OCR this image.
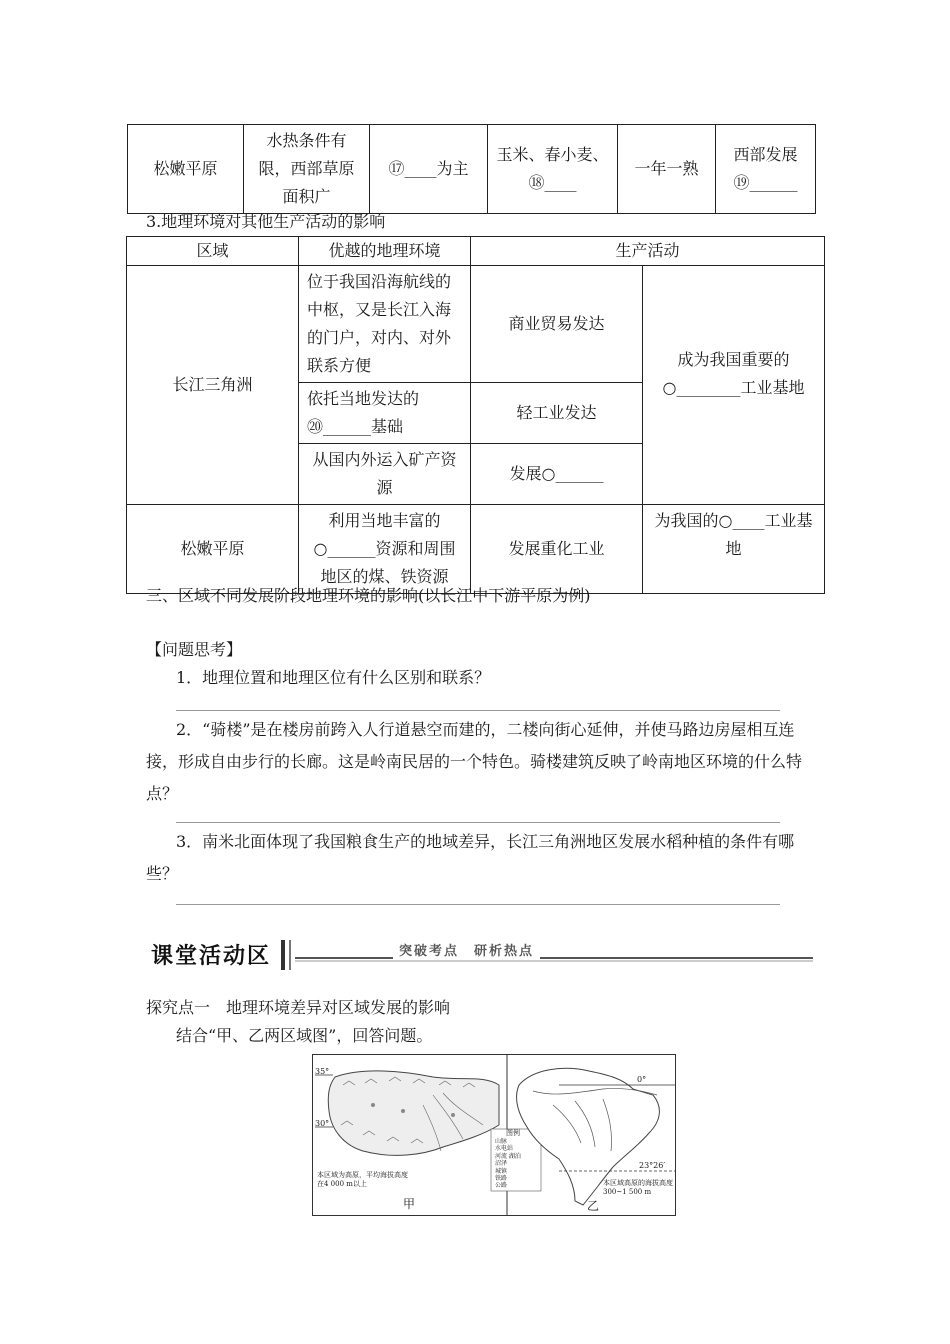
松嫩平原	水热条件有限，西部草原面积广	⑰____为主	玉米、春小麦、⑱____	一年一熟	西部发展⑲______
3.地理环境对其他生产活动的影响
区域	优越的地理环境	生产活动	
长江三角洲	位于我国沿海航线的中枢，又是长江入海的门户，对内、对外联系方便	商业贸易发达	成为我国重要的○________工业基地
	依托当地发达的⑳______基础	轻工业发达	
	从国内外运入矿产资源	发展○______	
松嫩平原	利用当地丰富的○______资源和周围地区的煤、铁资源	发展重化工业	为我国的○____工业基地
三、区域不同发展阶段地理环境的影响(以长江中下游平原为例)
【问题思考】
1．地理位置和地理区位有什么区别和联系？
2．“骑楼”是在楼房前跨入人行道悬空而建的，二楼向街心延伸，并使马路边房屋相互连接，形成自由步行的长廊。这是岭南民居的一个特色。骑楼建筑反映了岭南地区环境的什么特点？
3．南米北面体现了我国粮食生产的地域差异，长江三角洲地区发展水稻种植的条件有哪些？
课堂活动区	突破考点　研析热点
探究点一　地理环境差异对区域发展的影响
结合“甲、乙两区域图”，回答问题。
35°
30°
0°
23°26′
图例
山脉
水电站
河流 湖泊
沼泽
城镇
铁路
公路
本区域为高原，平均海拔高度在4 000 m以上	本区域高原的海拔高度300~1 500 m
甲	乙
